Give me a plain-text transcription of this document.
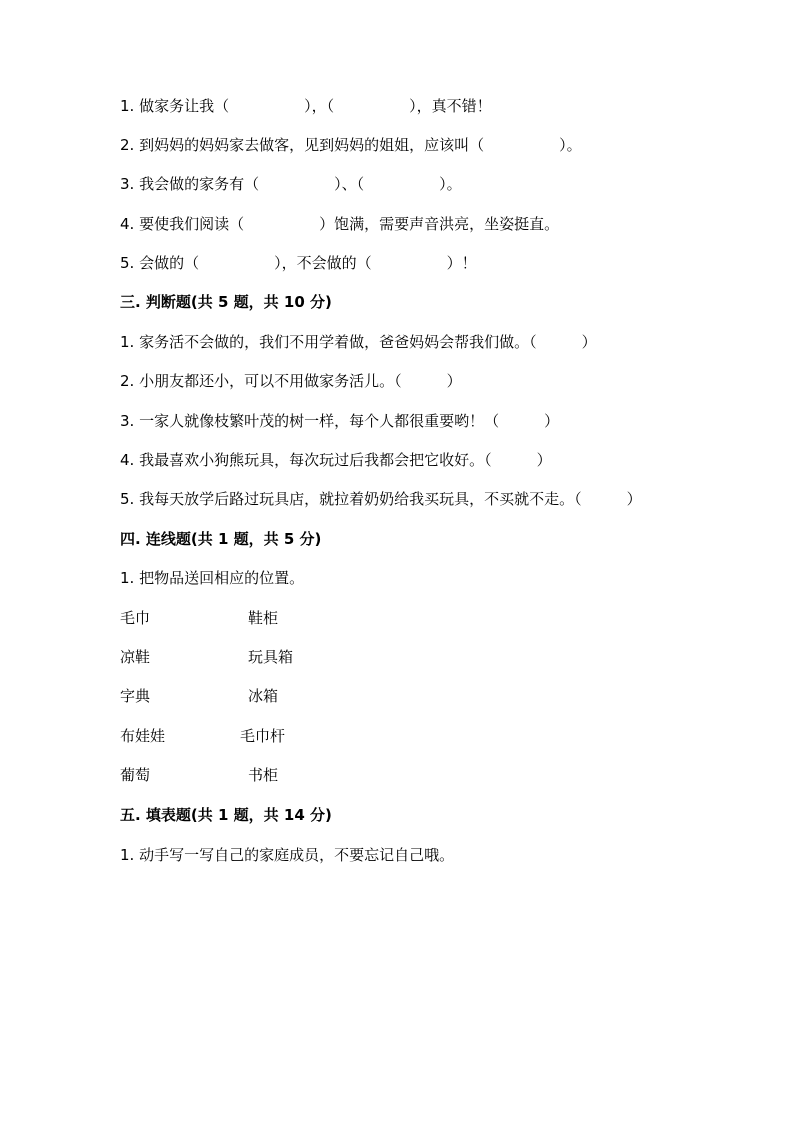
1. 做家务让我（　　　　　），（　　　　　），真不错！
2. 到妈妈的妈妈家去做客，见到妈妈的姐姐，应该叫（　　　　　）。
3. 我会做的家务有（　　　　　）、（　　　　　）。
4. 要使我们阅读（　　　　　）饱满，需要声音洪亮，坐姿挺直。
5. 会做的（　　　　　），不会做的（　　　　　）！
三. 判断题(共 5 题，共 10 分)
1. 家务活不会做的，我们不用学着做，爸爸妈妈会帮我们做。（　　　）
2. 小朋友都还小，可以不用做家务活儿。（　　　）
3. 一家人就像枝繁叶茂的树一样，每个人都很重要哟！（　　　）
4. 我最喜欢小狗熊玩具，每次玩过后我都会把它收好。（　　　）
5. 我每天放学后路过玩具店，就拉着奶奶给我买玩具，不买就不走。（　　　）
四. 连线题(共 1 题，共 5 分)
1. 把物品送回相应的位置。
毛巾	鞋柜
凉鞋	玩具箱
字典	冰箱
布娃娃	毛巾杆
葡萄	书柜
五. 填表题(共 1 题，共 14 分)
1. 动手写一写自己的家庭成员，不要忘记自己哦。
